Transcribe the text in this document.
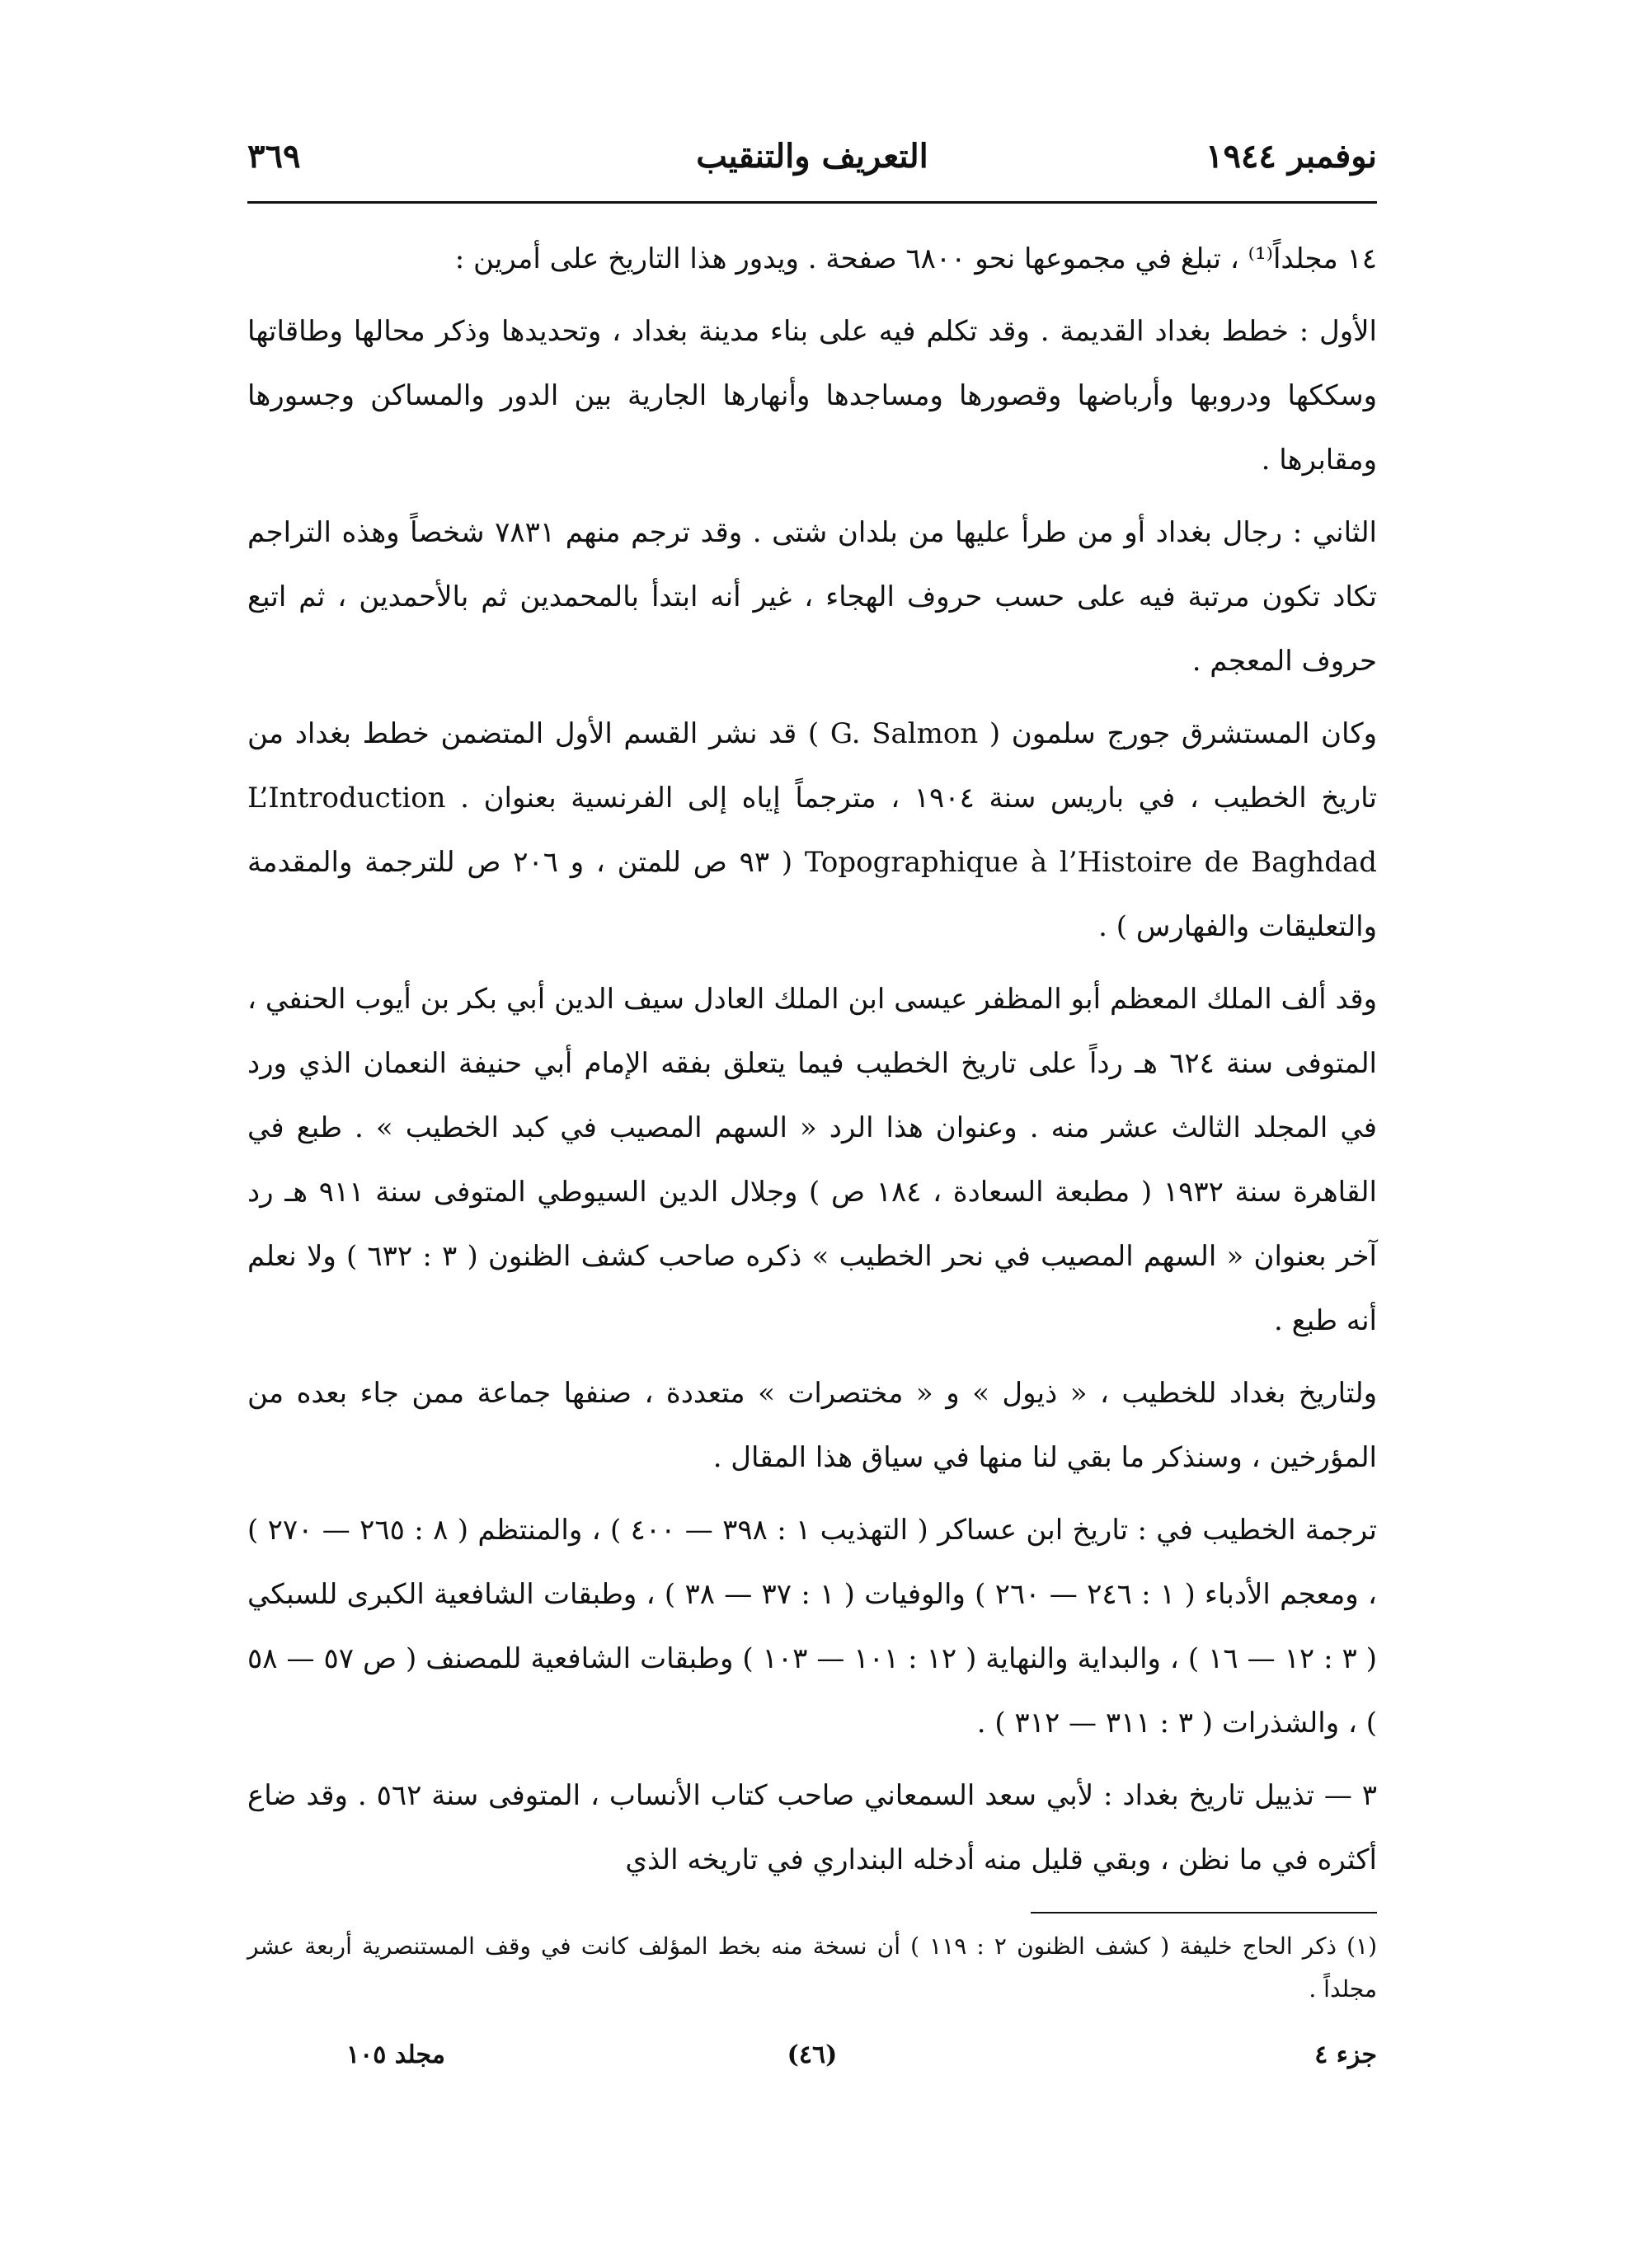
نوفمبر ١٩٤٤
التعريف والتنقيب
٣٦٩

١٤ مجلداً⁽¹⁾ ، تبلغ في مجموعها نحو ٦٨٠٠ صفحة . ويدور هذا التاريخ على أمرين :

الأول : خطط بغداد القديمة . وقد تكلم فيه على بناء مدينة بغداد ، وتحديدها وذكر محالها وطاقاتها وسككها ودروبها وأرباضها وقصورها ومساجدها وأنهارها الجارية بين الدور والمساكن وجسورها ومقابرها .

الثاني : رجال بغداد أو من طرأ عليها من بلدان شتى . وقد ترجم منهم ٧٨٣١ شخصاً وهذه التراجم تكاد تكون مرتبة فيه على حسب حروف الهجاء ، غير أنه ابتدأ بالمحمدين ثم بالأحمدين ، ثم اتبع حروف المعجم .

وكان المستشرق جورج سلمون ( G. Salmon ) قد نشر القسم الأول المتضمن خطط بغداد من تاريخ الخطيب ، في باريس سنة ١٩٠٤ ، مترجماً إياه إلى الفرنسية بعنوان . L’Introduction Topographique à l’Histoire de Baghdad ( ٩٣ ص للمتن ، و ٢٠٦ ص للترجمة والمقدمة والتعليقات والفهارس ) .

وقد ألف الملك المعظم أبو المظفر عيسى ابن الملك العادل سيف الدين أبي بكر بن أيوب الحنفي ، المتوفى سنة ٦٢٤ هـ رداً على تاريخ الخطيب فيما يتعلق بفقه الإمام أبي حنيفة النعمان الذي ورد في المجلد الثالث عشر منه . وعنوان هذا الرد « السهم المصيب في كبد الخطيب » . طبع في القاهرة سنة ١٩٣٢ ( مطبعة السعادة ، ١٨٤ ص ) وجلال الدين السيوطي المتوفى سنة ٩١١ هـ رد آخر بعنوان « السهم المصيب في نحر الخطيب » ذكره صاحب كشف الظنون ( ٣ : ٦٣٢ ) ولا نعلم أنه طبع .

ولتاريخ بغداد للخطيب ، « ذيول » و « مختصرات » متعددة ، صنفها جماعة ممن جاء بعده من المؤرخين ، وسنذكر ما بقي لنا منها في سياق هذا المقال .

ترجمة الخطيب في : تاريخ ابن عساكر ( التهذيب ١ : ٣٩٨ — ٤٠٠ ) ، والمنتظم ( ٨ : ٢٦٥ — ٢٧٠ ) ، ومعجم الأدباء ( ١ : ٢٤٦ — ٢٦٠ ) والوفيات ( ١ : ٣٧ — ٣٨ ) ، وطبقات الشافعية الكبرى للسبكي ( ٣ : ١٢ — ١٦ ) ، والبداية والنهاية ( ١٢ : ١٠١ — ١٠٣ ) وطبقات الشافعية للمصنف ( ص ٥٧ — ٥٨ ) ، والشذرات ( ٣ : ٣١١ — ٣١٢ ) .

٣ — تذييل تاريخ بغداد : لأبي سعد السمعاني صاحب كتاب الأنساب ، المتوفى سنة ٥٦٢ . وقد ضاع أكثره في ما نظن ، وبقي قليل منه أدخله البنداري في تاريخه الذي

(١) ذكر الحاج خليفة ( كشف الظنون ٢ : ١١٩ ) أن نسخة منه بخط المؤلف كانت في وقف المستنصرية أربعة عشر مجلداً .

جزء ٤
(٤٦)
مجلد ١٠٥
